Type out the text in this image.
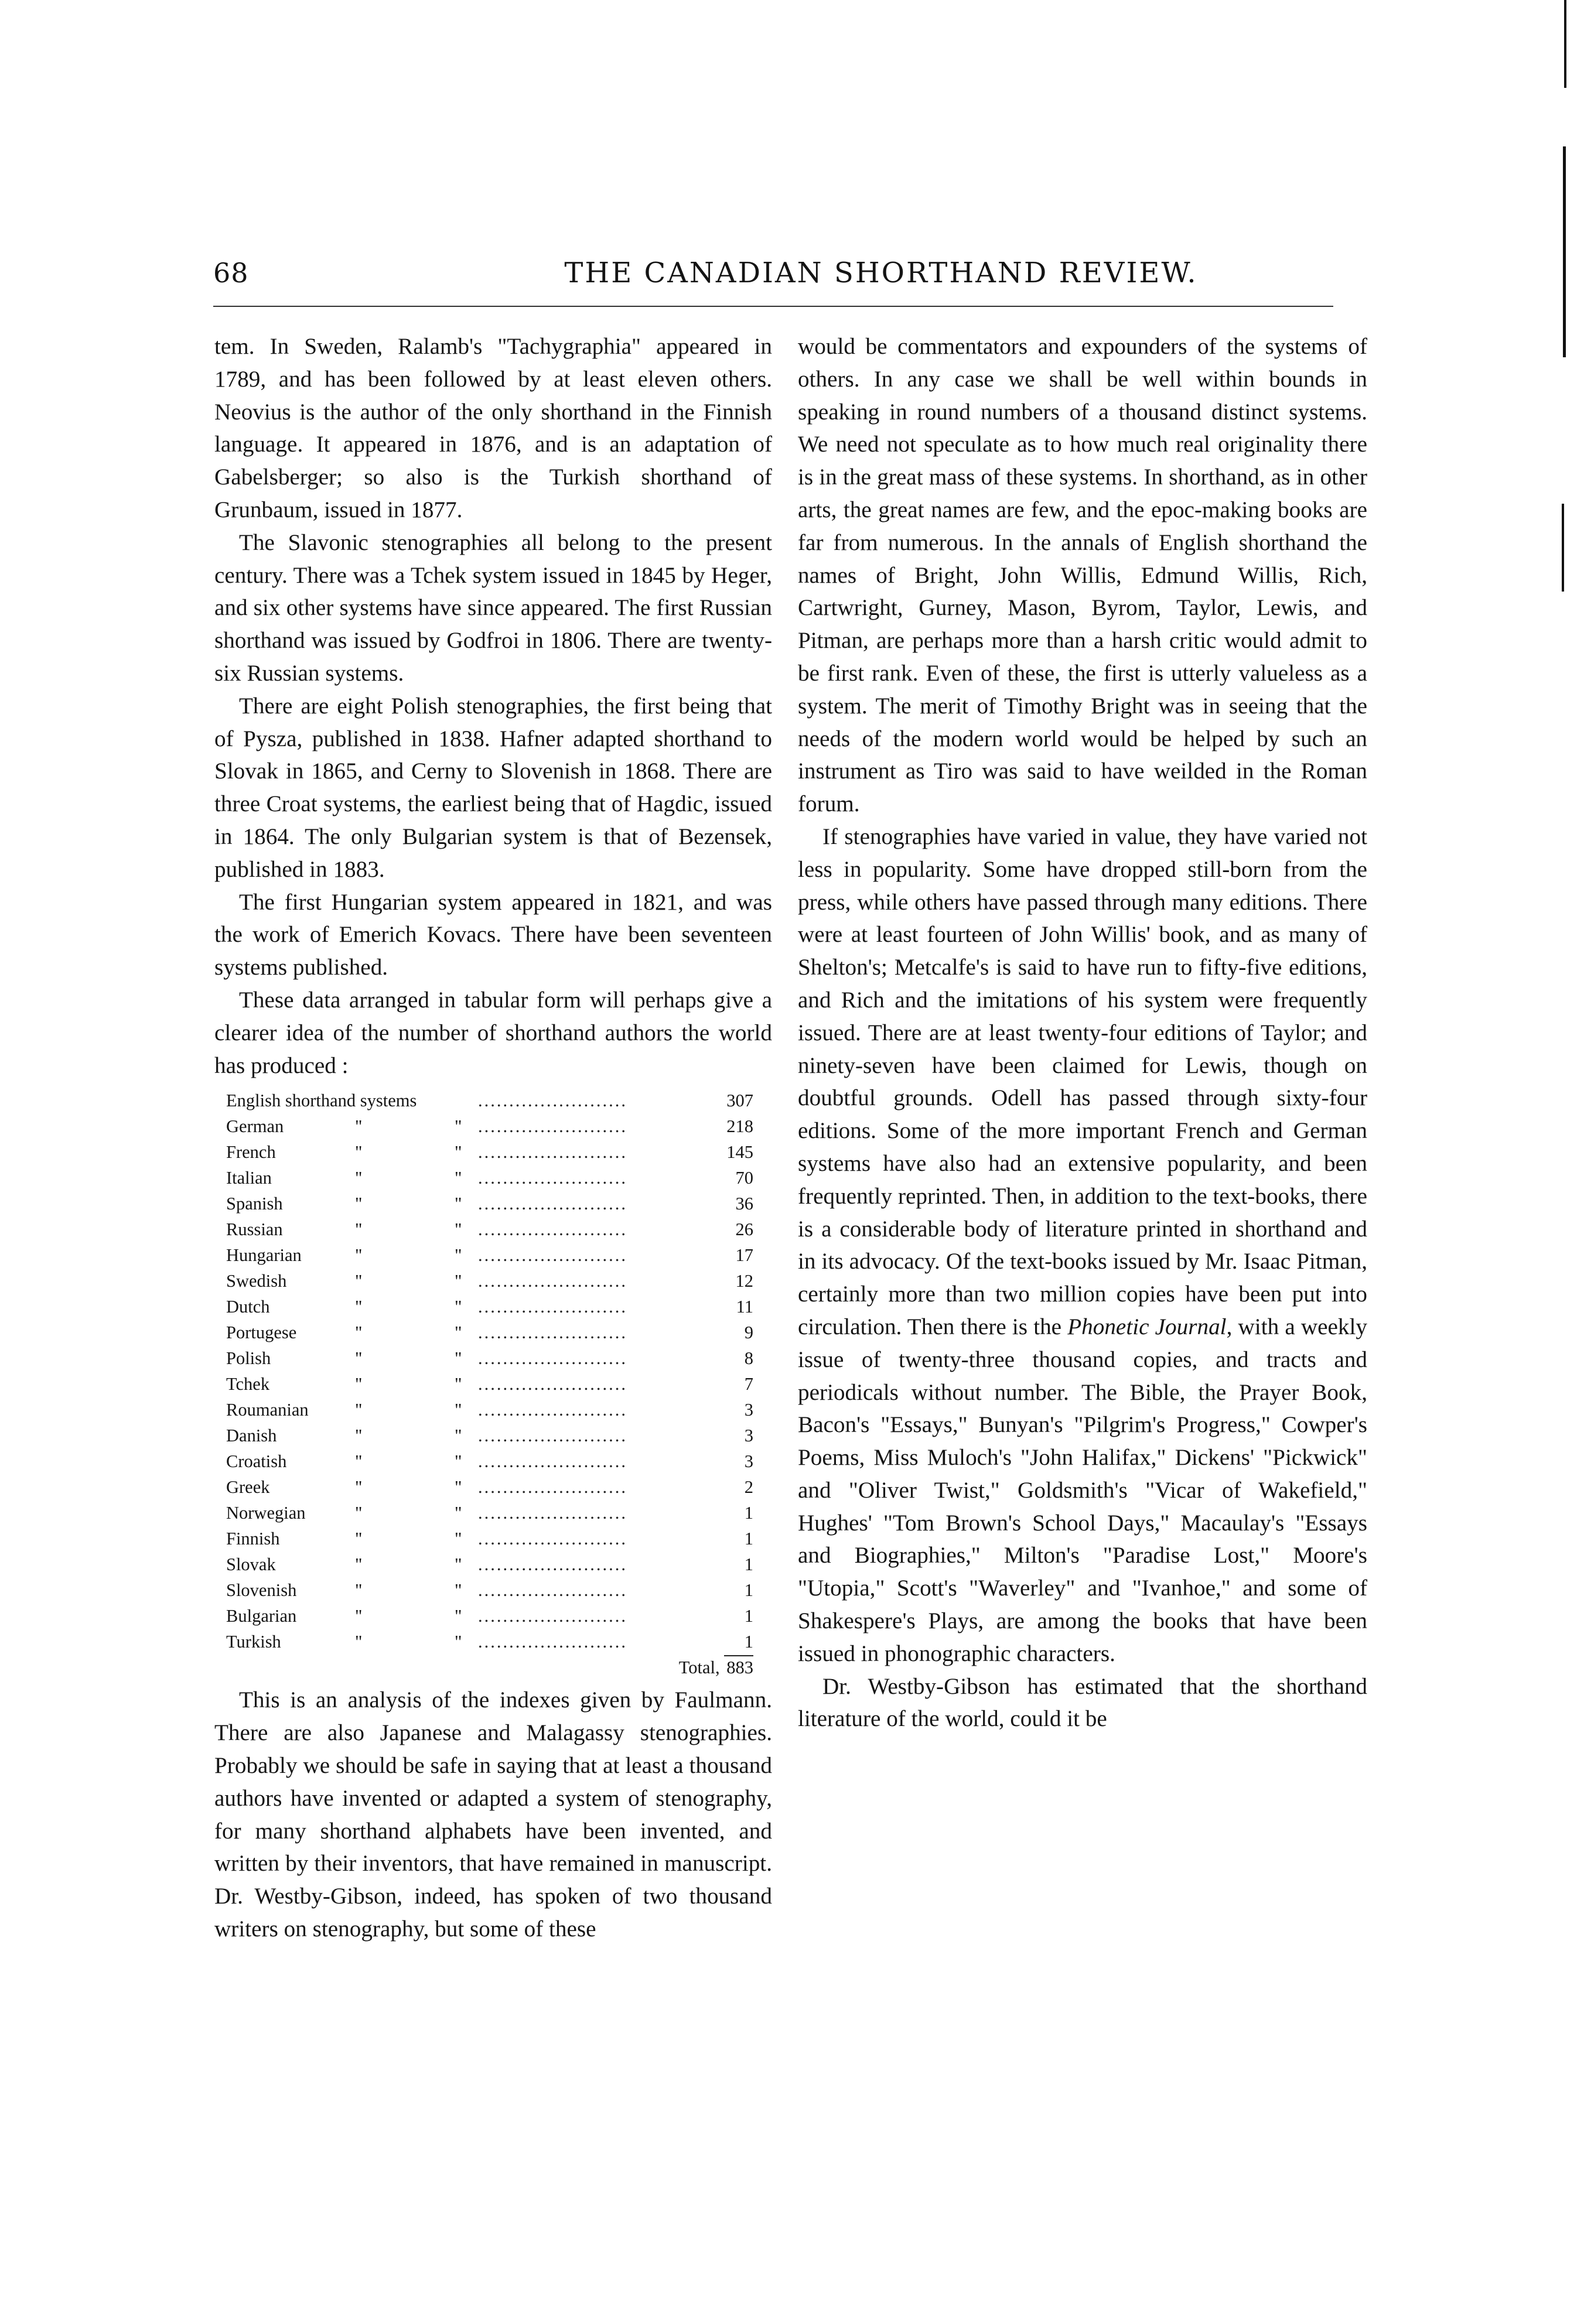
68	THE CANADIAN SHORTHAND REVIEW.

tem. In Sweden, Ralamb's "Tachygraphia" appeared in 1789, and has been followed by at least eleven others. Neovius is the author of the only shorthand in the Finnish language. It appeared in 1876, and is an adaptation of Gabelsberger; so also is the Turkish shorthand of Grunbaum, issued in 1877.

The Slavonic stenographies all belong to the present century. There was a Tchek system issued in 1845 by Heger, and six other systems have since appeared. The first Russian shorthand was issued by Godfroi in 1806. There are twenty-six Russian systems.

There are eight Polish stenographies, the first being that of Pysza, published in 1838. Hafner adapted shorthand to Slovak in 1865, and Cerny to Slovenish in 1868. There are three Croat systems, the earliest being that of Hagdic, issued in 1864. The only Bulgarian system is that of Bezensek, published in 1883.

The first Hungarian system appeared in 1821, and was the work of Emerich Kovacs. There have been seventeen systems published.

These data arranged in tabular form will perhaps give a clearer idea of the number of shorthand authors the world has produced :

English shorthand systems			........................	307
German	"	"	........................	218
French	"	"	........................	145
Italian	"	"	........................	70
Spanish	"	"	........................	36
Russian	"	"	........................	26
Hungarian	"	"	........................	17
Swedish	"	"	........................	12
Dutch	"	"	........................	11
Portugese	"	"	........................	9
Polish	"	"	........................	8
Tchek	"	"	........................	7
Roumanian	"	"	........................	3
Danish	"	"	........................	3
Croatish	"	"	........................	3
Greek	"	"	........................	2
Norwegian	"	"	........................	1
Finnish	"	"	........................	1
Slovak	"	"	........................	1
Slovenish	"	"	........................	1
Bulgarian	"	"	........................	1
Turkish	"	"	........................	1
Total, 883				

This is an analysis of the indexes given by Faulmann. There are also Japanese and Malagassy stenographies. Probably we should be safe in saying that at least a thousand authors have invented or adapted a system of stenography, for many shorthand alphabets have been invented, and written by their inventors, that have remained in manuscript. Dr. Westby-Gibson, indeed, has spoken of two thousand writers on stenography, but some of these

would be commentators and expounders of the systems of others. In any case we shall be well within bounds in speaking in round numbers of a thousand distinct systems. We need not speculate as to how much real originality there is in the great mass of these systems. In shorthand, as in other arts, the great names are few, and the epoc-making books are far from numerous. In the annals of English shorthand the names of Bright, John Willis, Edmund Willis, Rich, Cartwright, Gurney, Mason, Byrom, Taylor, Lewis, and Pitman, are perhaps more than a harsh critic would admit to be first rank. Even of these, the first is utterly valueless as a system. The merit of Timothy Bright was in seeing that the needs of the modern world would be helped by such an instrument as Tiro was said to have weilded in the Roman forum.

If stenographies have varied in value, they have varied not less in popularity. Some have dropped still-born from the press, while others have passed through many editions. There were at least fourteen of John Willis' book, and as many of Shelton's; Metcalfe's is said to have run to fifty-five editions, and Rich and the imitations of his system were frequently issued. There are at least twenty-four editions of Taylor; and ninety-seven have been claimed for Lewis, though on doubtful grounds. Odell has passed through sixty-four editions. Some of the more important French and German systems have also had an extensive popularity, and been frequently reprinted. Then, in addition to the text-books, there is a considerable body of literature printed in shorthand and in its advocacy. Of the text-books issued by Mr. Isaac Pitman, certainly more than two million copies have been put into circulation. Then there is the Phonetic Journal, with a weekly issue of twenty-three thousand copies, and tracts and periodicals without number. The Bible, the Prayer Book, Bacon's "Essays," Bunyan's "Pilgrim's Progress," Cowper's Poems, Miss Muloch's "John Halifax," Dickens' "Pickwick" and "Oliver Twist," Goldsmith's "Vicar of Wakefield," Hughes' "Tom Brown's School Days," Macaulay's "Essays and Biographies," Milton's "Paradise Lost," Moore's "Utopia," Scott's "Waverley" and "Ivanhoe," and some of Shakespere's Plays, are among the books that have been issued in phonographic characters.

Dr. Westby-Gibson has estimated that the shorthand literature of the world, could it be
